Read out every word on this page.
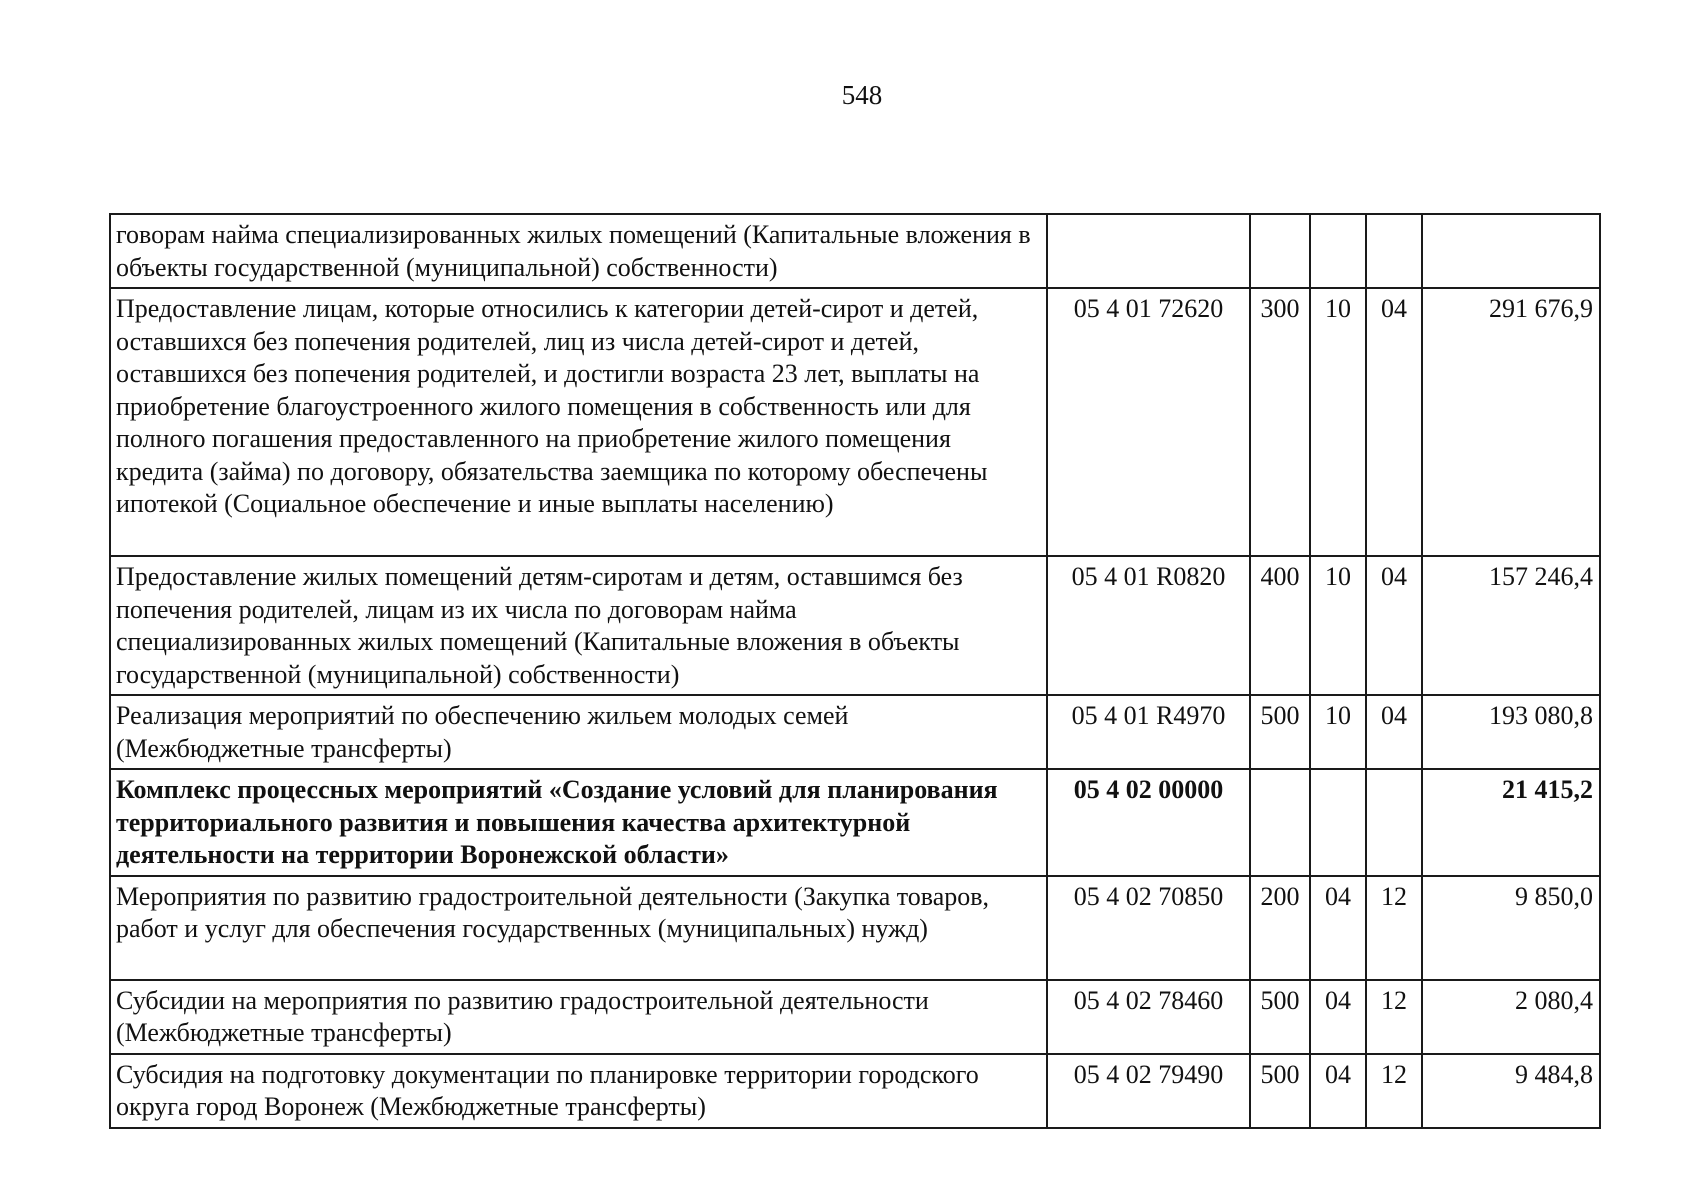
548
говорам найма специализированных жилых помещений (Капитальные вложения в объекты государственной (муниципальной) собственности)					
Предоставление лицам, которые относились к категории детей-сирот и детей, оставшихся без попечения родителей, лиц из числа детей-сирот и детей, оставшихся без попечения родителей, и достигли возраста 23 лет, выплаты на приобретение благоустроенного жилого помещения в собственность или для полного погашения предоставленного на приобретение жилого помещения кредита (займа) по договору, обязательства заемщика по которому обеспечены ипотекой (Социальное обеспечение и иные выплаты населению)	05 4 01 72620	300	10	04	291 676,9
Предоставление жилых помещений детям-сиротам и детям, оставшимся без попечения родителей, лицам из их числа по договорам найма специализированных жилых помещений (Капитальные вложения в объекты государственной (муниципальной) собственности)	05 4 01 R0820	400	10	04	157 246,4
Реализация мероприятий по обеспечению жильем молодых семей (Межбюджетные трансферты)	05 4 01 R4970	500	10	04	193 080,8
Комплекс процессных мероприятий «Создание условий для планирования территориального развития и повышения качества архитектурной деятельности на территории Воронежской области»	05 4 02 00000				21 415,2
Мероприятия по развитию градостроительной деятельности (Закупка товаров, работ и услуг для обеспечения государственных (муниципальных) нужд)	05 4 02 70850	200	04	12	9 850,0
Субсидии на мероприятия по развитию градостроительной деятельности (Межбюджетные трансферты)	05 4 02 78460	500	04	12	2 080,4
Субсидия на подготовку документации по планировке территории городского округа город Воронеж (Межбюджетные трансферты)	05 4 02 79490	500	04	12	9 484,8
